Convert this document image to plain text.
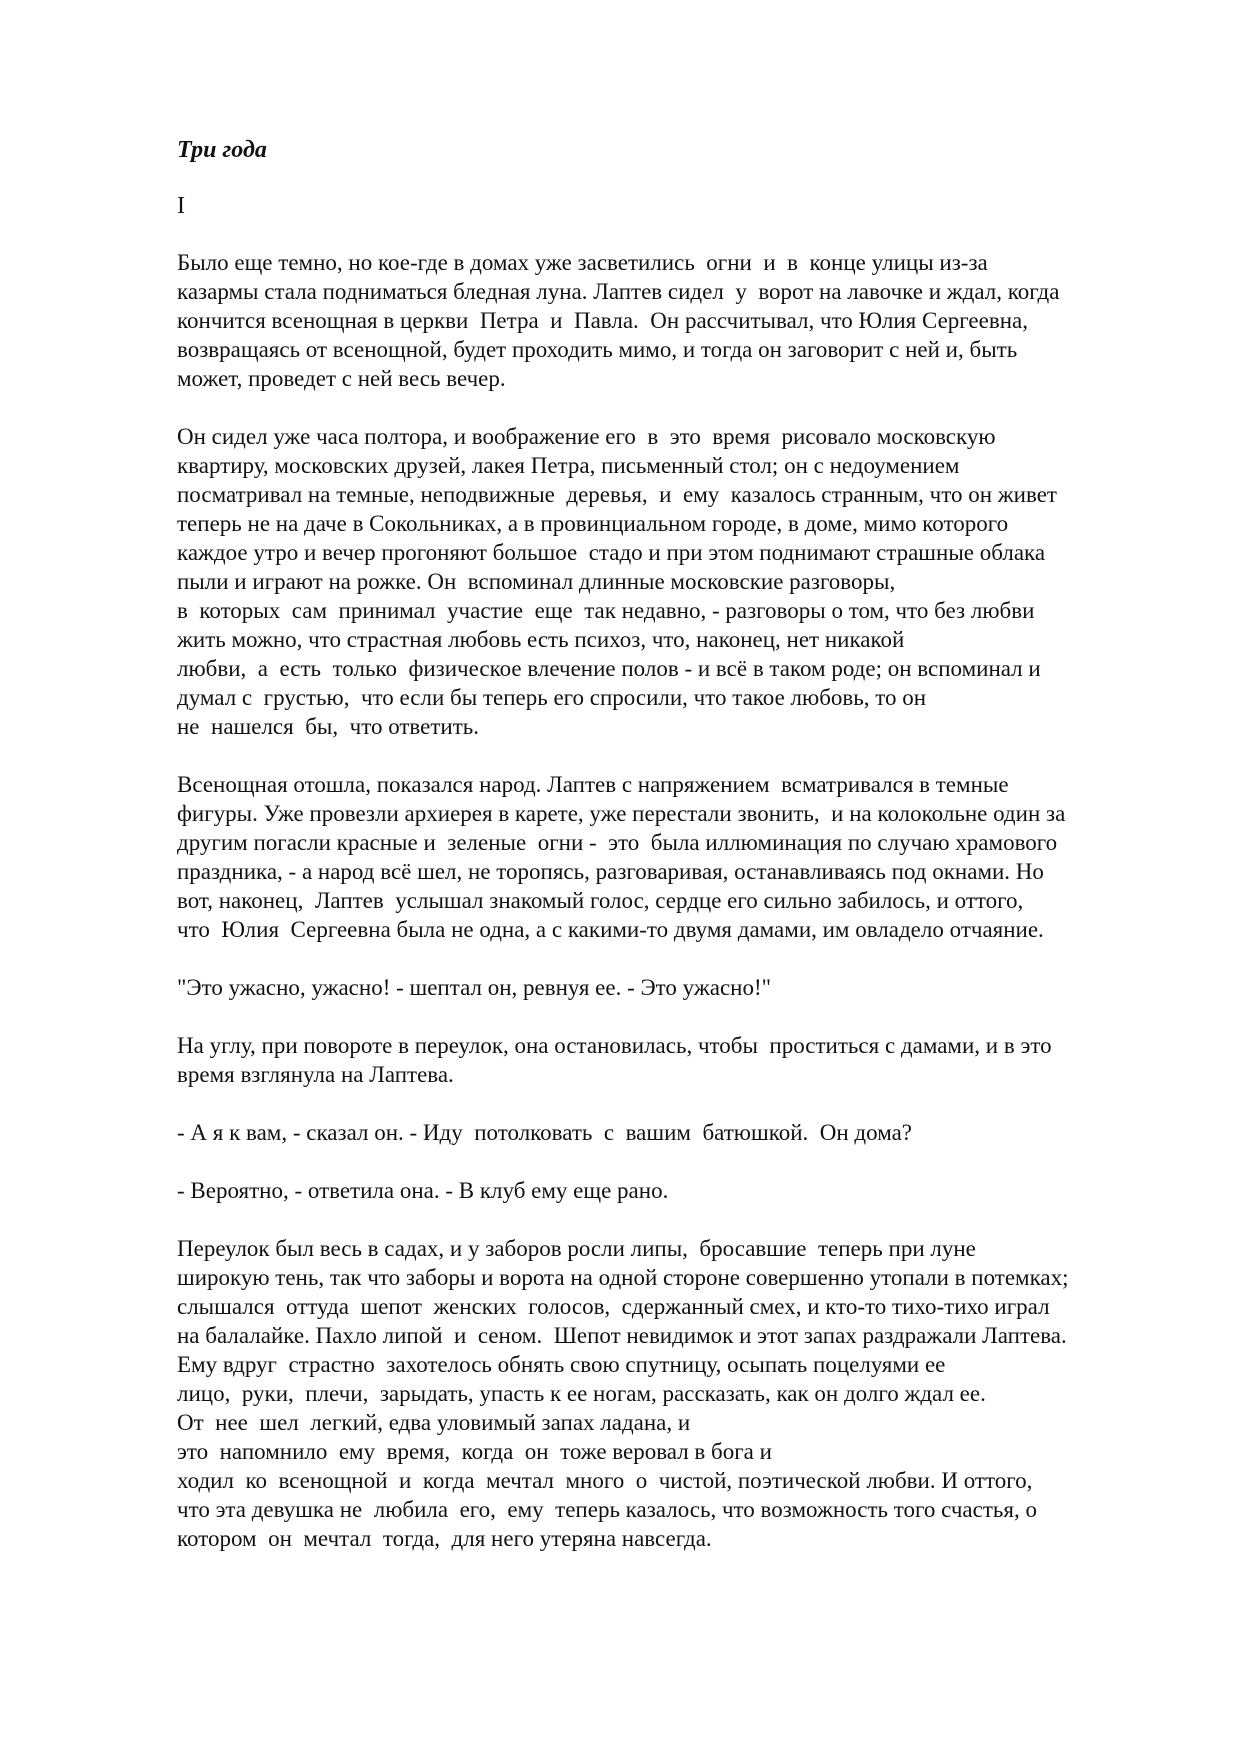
Три года
I
Было еще темно, но кое-где в домах уже засветились  огни  и  в  конце улицы из-за
казармы стала подниматься бледная луна. Лаптев сидел  у  ворот на лавочке и ждал, когда
кончится всенощная в церкви  Петра  и  Павла.  Он рассчитывал, что Юлия Сергеевна,
возвращаясь от всенощной, будет проходить мимо, и тогда он заговорит с ней и, быть
может, проведет с ней весь вечер.
Он сидел уже часа полтора, и воображение его  в  это  время  рисовало московскую
квартиру, московских друзей, лакея Петра, письменный стол; он с недоумением
посматривал на темные, неподвижные  деревья,  и  ему  казалось странным, что он живет
теперь не на даче в Сокольниках, а в провинциальном городе, в доме, мимо которого
каждое утро и вечер прогоняют большое  стадо и при этом поднимают страшные облака
пыли и играют на рожке. Он  вспоминал длинные московские разговоры,
в  которых  сам  принимал  участие  еще  так недавно, - разговоры о том, что без любви
жить можно, что страстная любовь есть психоз, что, наконец, нет никакой
любви,  а  есть  только  физическое влечение полов - и всё в таком роде; он вспоминал и
думал с  грустью,  что если бы теперь его спросили, что такое любовь, то он
не  нашелся  бы,  что ответить.
Всенощная отошла, показался народ. Лаптев с напряжением  всматривался в темные
фигуры. Уже провезли архиерея в карете, уже перестали звонить,  и на колокольне один за
другим погасли красные и  зеленые  огни -  это  была иллюминация по случаю храмового
праздника, - а народ всё шел, не торопясь, разговаривая, останавливаясь под окнами. Но
вот, наконец,  Лаптев  услышал знакомый голос, сердце его сильно забилось, и оттого,
что  Юлия  Сергеевна была не одна, а с какими-то двумя дамами, им овладело отчаяние.
"Это ужасно, ужасно! - шептал он, ревнуя ее. - Это ужасно!"
На углу, при повороте в переулок, она остановилась, чтобы  проститься с дамами, и в это
время взглянула на Лаптева.
- А я к вам, - сказал он. - Иду  потолковать  с  вашим  батюшкой.  Он дома?
- Вероятно, - ответила она. - В клуб ему еще рано.
Переулок был весь в садах, и у заборов росли липы,  бросавшие  теперь при луне
широкую тень, так что заборы и ворота на одной стороне совершенно утопали в потемках;
слышался  оттуда  шепот  женских  голосов,  сдержанный смех, и кто-то тихо-тихо играл
на балалайке. Пахло липой  и  сеном.  Шепот невидимок и этот запах раздражали Лаптева.
Ему вдруг  страстно  захотелось обнять свою спутницу, осыпать поцелуями ее
лицо,  руки,  плечи,  зарыдать, упасть к ее ногам, рассказать, как он долго ждал ее.
От  нее  шел  легкий, едва уловимый запах ладана, и
это  напомнило  ему  время,  когда  он  тоже веровал в бога и
ходил  ко  всенощной  и  когда  мечтал  много  о  чистой, поэтической любви. И оттого,
что эта девушка не  любила  его,  ему  теперь казалось, что возможность того счастья, о
котором  он  мечтал  тогда,  для него утеряна навсегда.
